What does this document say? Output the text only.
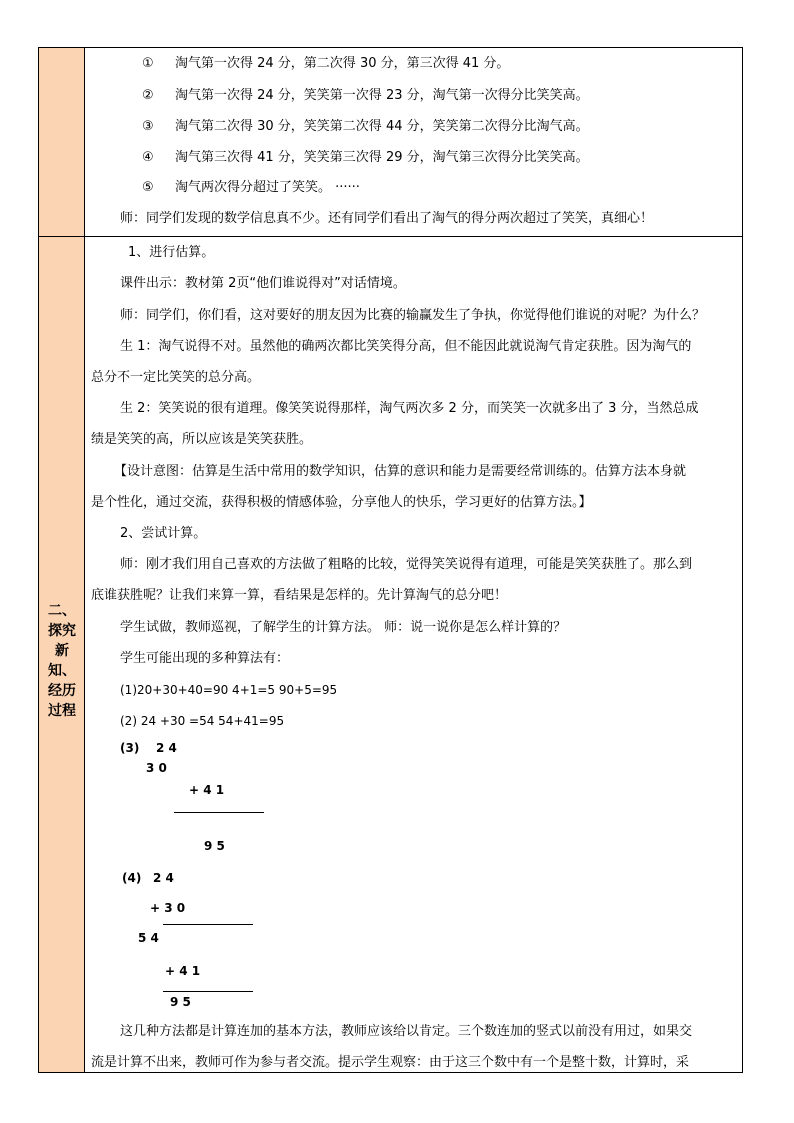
二、
探究
新
知、
经历
过程
① 淘气第一次得 24 分，第二次得 30 分，第三次得 41 分。
② 淘气第一次得 24 分，笑笑第一次得 23 分，淘气第一次得分比笑笑高。
③ 淘气第二次得 30 分，笑笑第二次得 44 分，笑笑第二次得分比淘气高。
④ 淘气第三次得 41 分，笑笑第三次得 29 分，淘气第三次得分比笑笑高。
⑤ 淘气两次得分超过了笑笑。 ······
师：同学们发现的数学信息真不少。还有同学们看出了淘气的得分两次超过了笑笑，真细心！
1、进行估算。
课件出示：教材第 2页“他们谁说得对”对话情境。
师：同学们，你们看，这对要好的朋友因为比赛的输赢发生了争执，你觉得他们谁说的对呢？为什么？
生 1：淘气说得不对。虽然他的确两次都比笑笑得分高，但不能因此就说淘气肯定获胜。因为淘气的
总分不一定比笑笑的总分高。
生 2：笑笑说的很有道理。像笑笑说得那样，淘气两次多 2 分，而笑笑一次就多出了 3 分，当然总成
绩是笑笑的高，所以应该是笑笑获胜。
【设计意图：估算是生活中常用的数学知识，估算的意识和能力是需要经常训练的。估算方法本身就
是个性化，通过交流，获得积极的情感体验，分享他人的快乐，学习更好的估算方法。】
2、尝试计算。
师：刚才我们用自己喜欢的方法做了粗略的比较，觉得笑笑说得有道理，可能是笑笑获胜了。那么到
底谁获胜呢？让我们来算一算，看结果是怎样的。先计算淘气的总分吧！
学生试做，教师巡视，了解学生的计算方法。 师：说一说你是怎么样计算的？
学生可能出现的多种算法有：
(1)20+30+40=90 4+1=5 90+5=95
(2) 24 +30 =54 54+41=95
(3) 2 4
3 0
+ 4 1
9 5
(4) 2 4
+ 3 0
5 4
+ 4 1
9 5
这几种方法都是计算连加的基本方法，教师应该给以肯定。三个数连加的竖式以前没有用过，如果交
流是计算不出来，教师可作为参与者交流。提示学生观察：由于这三个数中有一个是整十数，计算时，采
